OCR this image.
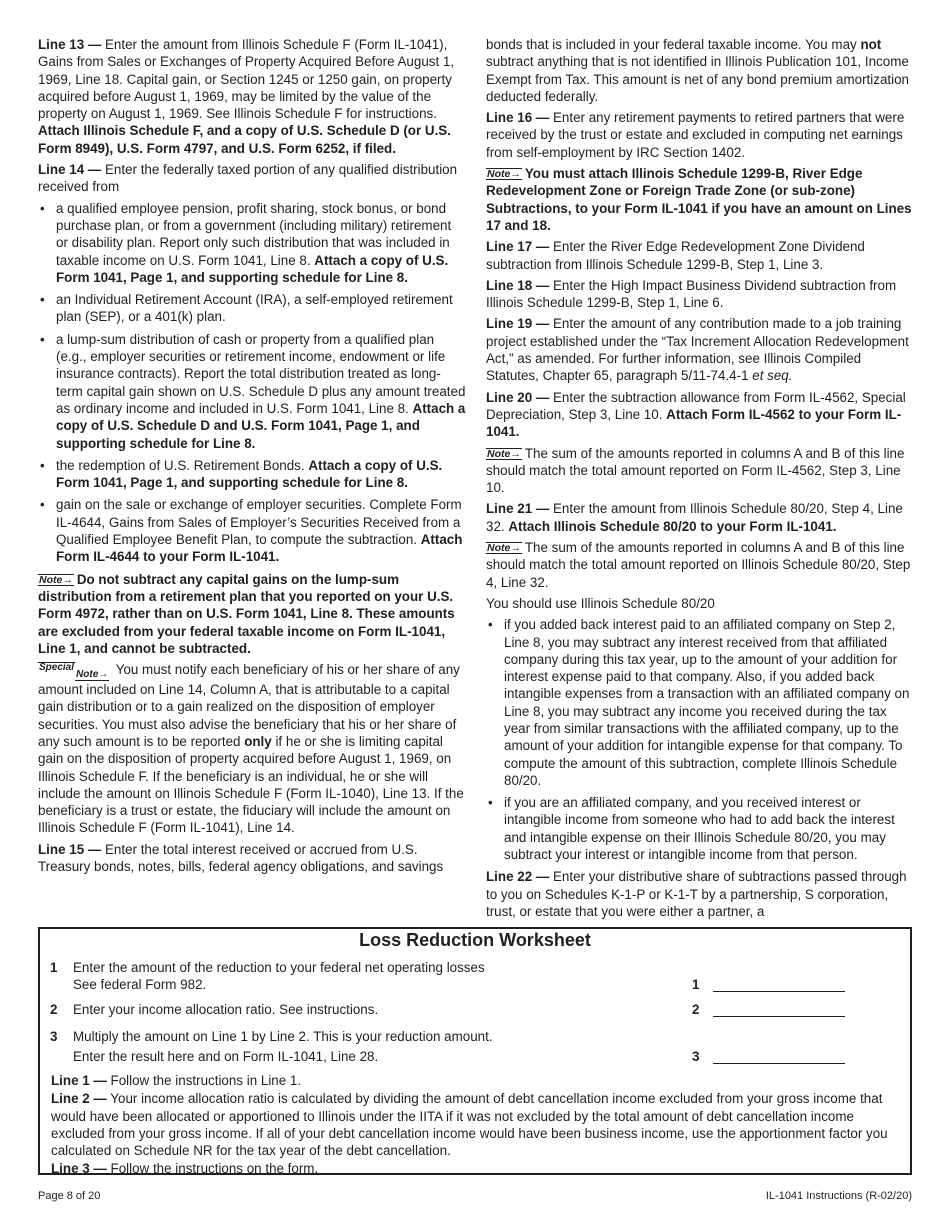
Line 13 — Enter the amount from Illinois Schedule F (Form IL-1041), Gains from Sales or Exchanges of Property Acquired Before August 1, 1969, Line 18. Capital gain, or Section 1245 or 1250 gain, on property acquired before August 1, 1969, may be limited by the value of the property on August 1, 1969. See Illinois Schedule F for instructions. Attach Illinois Schedule F, and a copy of U.S. Schedule D (or U.S. Form 8949), U.S. Form 4797, and U.S. Form 6252, if filed.

Line 14 — Enter the federally taxed portion of any qualified distribution received from

• a qualified employee pension, profit sharing, stock bonus, or bond purchase plan, or from a government (including military) retirement or disability plan. Report only such distribution that was included in taxable income on U.S. Form 1041, Line 8. Attach a copy of U.S. Form 1041, Page 1, and supporting schedule for Line 8.
• an Individual Retirement Account (IRA), a self-employed retirement plan (SEP), or a 401(k) plan.
• a lump-sum distribution of cash or property from a qualified plan (e.g., employer securities or retirement income, endowment or life insurance contracts). Report the total distribution treated as long-term capital gain shown on U.S. Schedule D plus any amount treated as ordinary income and included in U.S. Form 1041, Line 8. Attach a copy of U.S. Schedule D and U.S. Form 1041, Page 1, and supporting schedule for Line 8.
• the redemption of U.S. Retirement Bonds. Attach a copy of U.S. Form 1041, Page 1, and supporting schedule for Line 8.
• gain on the sale or exchange of employer securities. Complete Form IL-4644, Gains from Sales of Employer’s Securities Received from a Qualified Employee Benefit Plan, to compute the subtraction. Attach Form IL-4644 to your Form IL-1041.

Note→ Do not subtract any capital gains on the lump-sum distribution from a retirement plan that you reported on your U.S. Form 4972, rather than on U.S. Form 1041, Line 8. These amounts are excluded from your federal taxable income on Form IL-1041, Line 1, and cannot be subtracted.

SpecialNote→ You must notify each beneficiary of his or her share of any amount included on Line 14, Column A, that is attributable to a capital gain distribution or to a gain realized on the disposition of employer securities. You must also advise the beneficiary that his or her share of any such amount is to be reported only if he or she is limiting capital gain on the disposition of property acquired before August 1, 1969, on Illinois Schedule F. If the beneficiary is an individual, he or she will include the amount on Illinois Schedule F (Form IL-1040), Line 13. If the beneficiary is a trust or estate, the fiduciary will include the amount on Illinois Schedule F (Form IL-1041), Line 14.

Line 15 — Enter the total interest received or accrued from U.S. Treasury bonds, notes, bills, federal agency obligations, and savings

bonds that is included in your federal taxable income. You may not subtract anything that is not identified in Illinois Publication 101, Income Exempt from Tax. This amount is net of any bond premium amortization deducted federally.

Line 16 — Enter any retirement payments to retired partners that were received by the trust or estate and excluded in computing net earnings from self-employment by IRC Section 1402.

Note→ You must attach Illinois Schedule 1299-B, River Edge Redevelopment Zone or Foreign Trade Zone (or sub-zone) Subtractions, to your Form IL-1041 if you have an amount on Lines 17 and 18.

Line 17 — Enter the River Edge Redevelopment Zone Dividend subtraction from Illinois Schedule 1299-B, Step 1, Line 3.

Line 18 — Enter the High Impact Business Dividend subtraction from Illinois Schedule 1299-B, Step 1, Line 6.

Line 19 — Enter the amount of any contribution made to a job training project established under the “Tax Increment Allocation Redevelopment Act,” as amended. For further information, see Illinois Compiled Statutes, Chapter 65, paragraph 5/11-74.4-1 et seq.

Line 20 — Enter the subtraction allowance from Form IL-4562, Special Depreciation, Step 3, Line 10. Attach Form IL-4562 to your Form IL-1041.

Note→ The sum of the amounts reported in columns A and B of this line should match the total amount reported on Form IL-4562, Step 3, Line 10.

Line 21 — Enter the amount from Illinois Schedule 80/20, Step 4, Line 32. Attach Illinois Schedule 80/20 to your Form IL-1041.

Note→ The sum of the amounts reported in columns A and B of this line should match the total amount reported on Illinois Schedule 80/20, Step 4, Line 32.

You should use Illinois Schedule 80/20

• if you added back interest paid to an affiliated company on Step 2, Line 8, you may subtract any interest received from that affiliated company during this tax year, up to the amount of your addition for interest expense paid to that company. Also, if you added back intangible expenses from a transaction with an affiliated company on Line 8, you may subtract any income you received during the tax year from similar transactions with the affiliated company, up to the amount of your addition for intangible expense for that company. To compute the amount of this subtraction, complete Illinois Schedule 80/20.
• if you are an affiliated company, and you received interest or intangible income from someone who had to add back the interest and intangible expense on their Illinois Schedule 80/20, you may subtract your interest or intangible income from that person.

Line 22 — Enter your distributive share of subtractions passed through to you on Schedules K-1-P or K-1-T by a partnership, S corporation, trust, or estate that you were either a partner, a

Loss Reduction Worksheet
1 Enter the amount of the reduction to your federal net operating losses
See federal Form 982.	1
2 Enter your income allocation ratio. See instructions.	2
3 Multiply the amount on Line 1 by Line 2. This is your reduction amount.
Enter the result here and on Form IL-1041, Line 28.	3

Line 1 — Follow the instructions in Line 1.

Line 2 — Your income allocation ratio is calculated by dividing the amount of debt cancellation income excluded from your gross income that would have been allocated or apportioned to Illinois under the IITA if it was not excluded by the total amount of debt cancellation income excluded from your gross income. If all of your debt cancellation income would have been business income, use the apportionment factor you calculated on Schedule NR for the tax year of the debt cancellation.

Line 3 — Follow the instructions on the form.

Page 8 of 20	IL-1041 Instructions (R-02/20)
